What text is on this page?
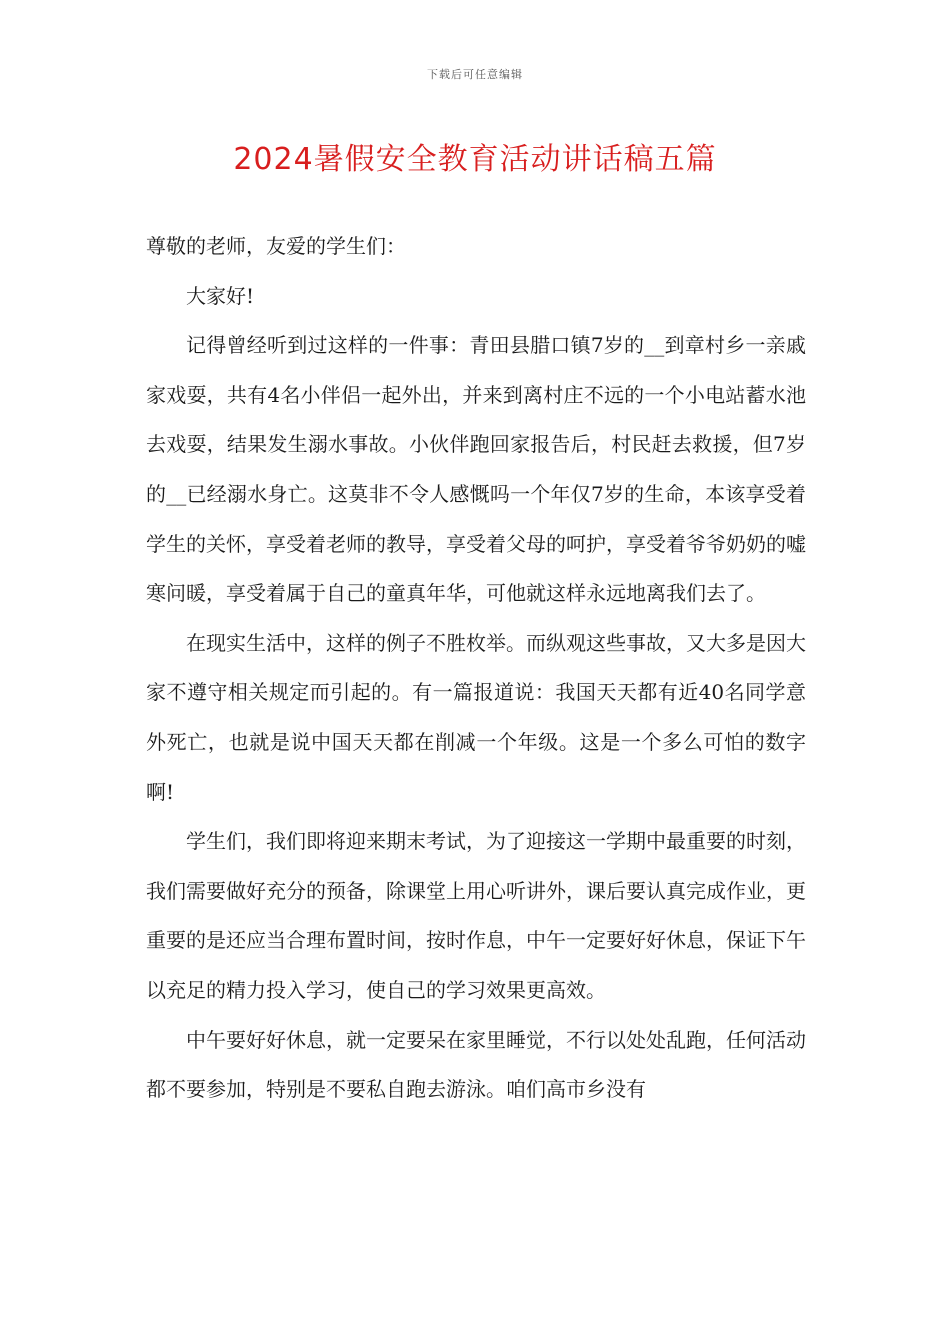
下载后可任意编辑
2024暑假安全教育活动讲话稿五篇

尊敬的老师，友爱的学生们：

大家好!

记得曾经听到过这样的一件事：青田县腊口镇7岁的__到章村乡一亲戚家戏耍，共有4名小伴侣一起外出，并来到离村庄不远的一个小电站蓄水池去戏耍，结果发生溺水事故。小伙伴跑回家报告后，村民赶去救援，但7岁的__已经溺水身亡。这莫非不令人感慨吗一个年仅7岁的生命，本该享受着学生的关怀，享受着老师的教导，享受着父母的呵护，享受着爷爷奶奶的嘘寒问暖，享受着属于自己的童真年华，可他就这样永远地离我们去了。

在现实生活中，这样的例子不胜枚举。而纵观这些事故，又大多是因大家不遵守相关规定而引起的。有一篇报道说：我国天天都有近40名同学意外死亡，也就是说中国天天都在削减一个年级。这是一个多么可怕的数字啊!

学生们，我们即将迎来期末考试，为了迎接这一学期中最重要的时刻，我们需要做好充分的预备，除课堂上用心听讲外，课后要认真完成作业，更重要的是还应当合理布置时间，按时作息，中午一定要好好休息，保证下午以充足的精力投入学习，使自己的学习效果更高效。

中午要好好休息，就一定要呆在家里睡觉，不行以处处乱跑，任何活动都不要参加，特别是不要私自跑去游泳。咱们高市乡没有
